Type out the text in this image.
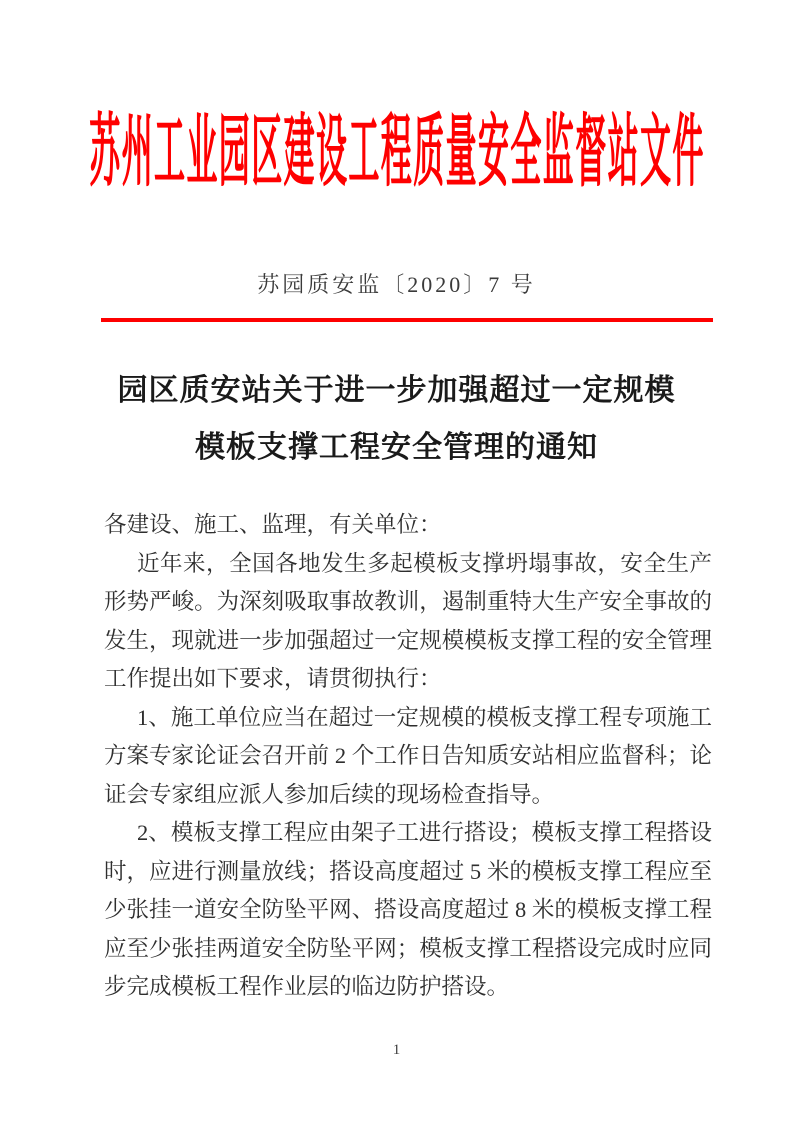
苏州工业园区建设工程质量安全监督站文件
苏园质安监〔2020〕7 号
园区质安站关于进一步加强超过一定规模
模板支撑工程安全管理的通知
各建设、施工、监理，有关单位：
近年来，全国各地发生多起模板支撑坍塌事故，安全生产
形势严峻。为深刻吸取事故教训，遏制重特大生产安全事故的
发生，现就进一步加强超过一定规模模板支撑工程的安全管理
工作提出如下要求，请贯彻执行：
1、施工单位应当在超过一定规模的模板支撑工程专项施工
方案专家论证会召开前 2 个工作日告知质安站相应监督科；论
证会专家组应派人参加后续的现场检查指导。
2、模板支撑工程应由架子工进行搭设；模板支撑工程搭设
时，应进行测量放线；搭设高度超过 5 米的模板支撑工程应至
少张挂一道安全防坠平网、搭设高度超过 8 米的模板支撑工程
应至少张挂两道安全防坠平网；模板支撑工程搭设完成时应同
步完成模板工程作业层的临边防护搭设。
1
